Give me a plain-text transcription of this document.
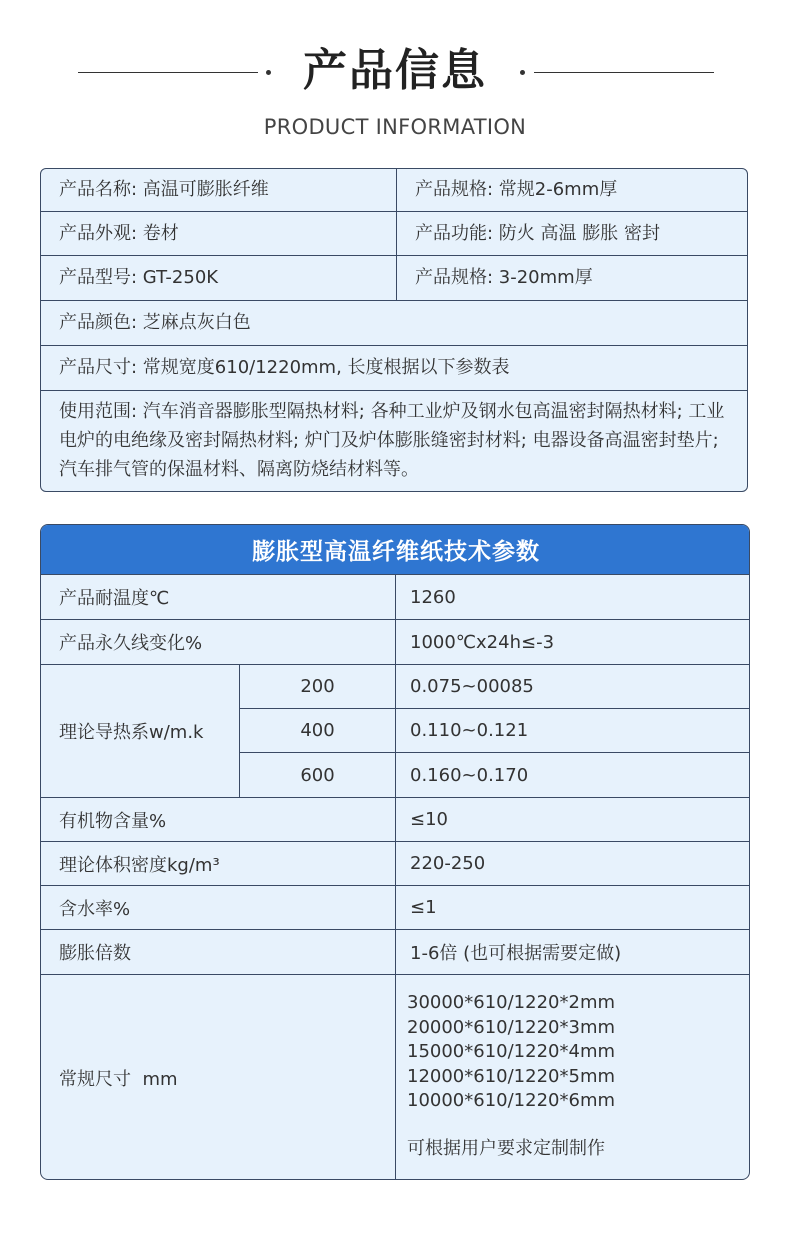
产品信息
PRODUCT INFORMATION
产品名称: 高温可膨胀纤维	产品规格: 常规2-6mm厚
产品外观: 卷材	产品功能: 防火 高温 膨胀 密封
产品型号: GT-250K	产品规格: 3-20mm厚
产品颜色: 芝麻点灰白色
产品尺寸: 常规宽度610/1220mm, 长度根据以下参数表
使用范围: 汽车消音器膨胀型隔热材料; 各种工业炉及钢水包高温密封隔热材料; 工业电炉的电绝缘及密封隔热材料; 炉门及炉体膨胀缝密封材料; 电器设备高温密封垫片; 汽车排气管的保温材料、隔离防烧结材料等。
膨胀型高温纤维纸技术参数
产品耐温度℃	1260
产品永久线变化%	1000℃x24h≤-3
理论导热系w/m.k
200	0.075~00085
400	0.110~0.121
600	0.160~0.170
有机物含量%	≤10
理论体积密度kg/m³	220-250
含水率%	≤1
膨胀倍数	1-6倍 (也可根据需要定做)
常规尺寸  mm
30000*610/1220*2mm
20000*610/1220*3mm
15000*610/1220*4mm
12000*610/1220*5mm
10000*610/1220*6mm
可根据用户要求定制制作
